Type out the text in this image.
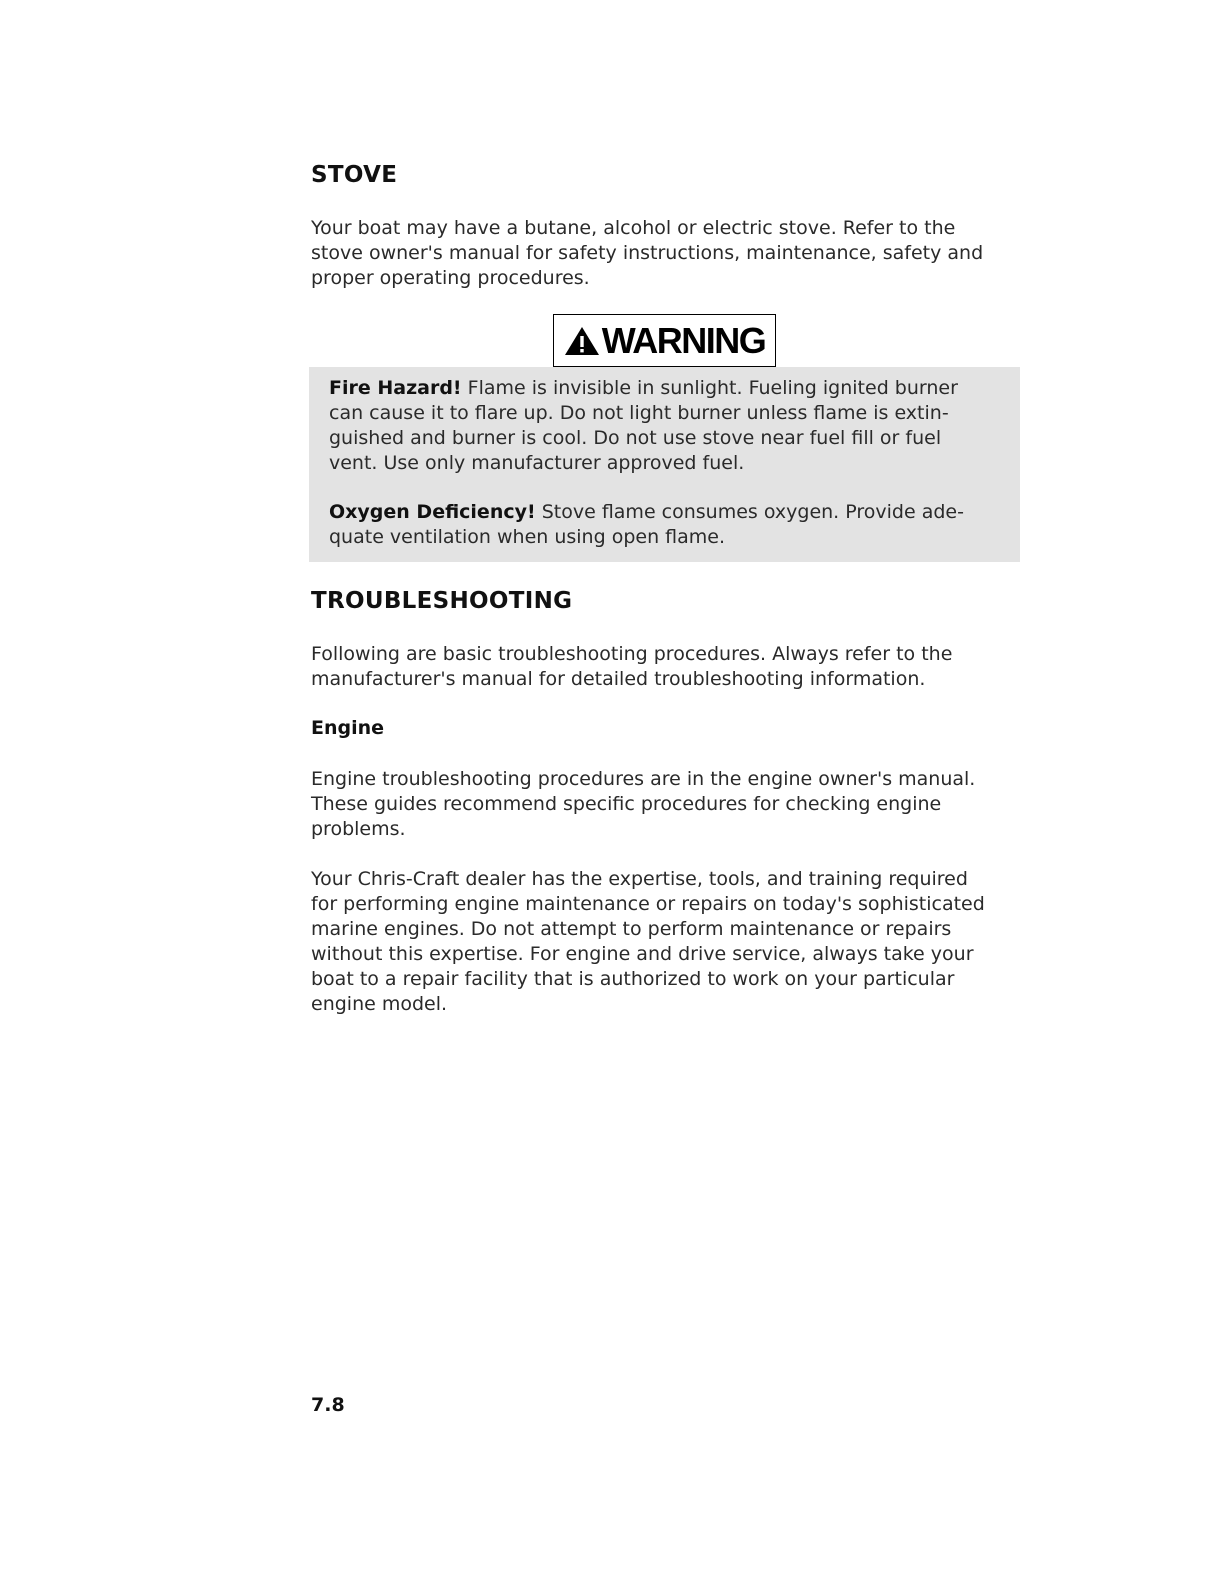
STOVE

Your boat may have a butane, alcohol or electric stove. Refer to the
stove owner's manual for safety instructions, maintenance, safety and
proper operating procedures.

WARNING

Fire Hazard! Flame is invisible in sunlight. Fueling ignited burner
can cause it to flare up. Do not light burner unless flame is extin-
guished and burner is cool. Do not use stove near fuel fill or fuel
vent. Use only manufacturer approved fuel.

Oxygen Deficiency! Stove flame consumes oxygen. Provide ade-
quate ventilation when using open flame.

TROUBLESHOOTING

Following are basic troubleshooting procedures. Always refer to the
manufacturer's manual for detailed troubleshooting information.

Engine

Engine troubleshooting procedures are in the engine owner's manual.
These guides recommend specific procedures for checking engine
problems.

Your Chris-Craft dealer has the expertise, tools, and training required
for performing engine maintenance or repairs on today's sophisticated
marine engines. Do not attempt to perform maintenance or repairs
without this expertise. For engine and drive service, always take your
boat to a repair facility that is authorized to work on your particular
engine model.

7.8
